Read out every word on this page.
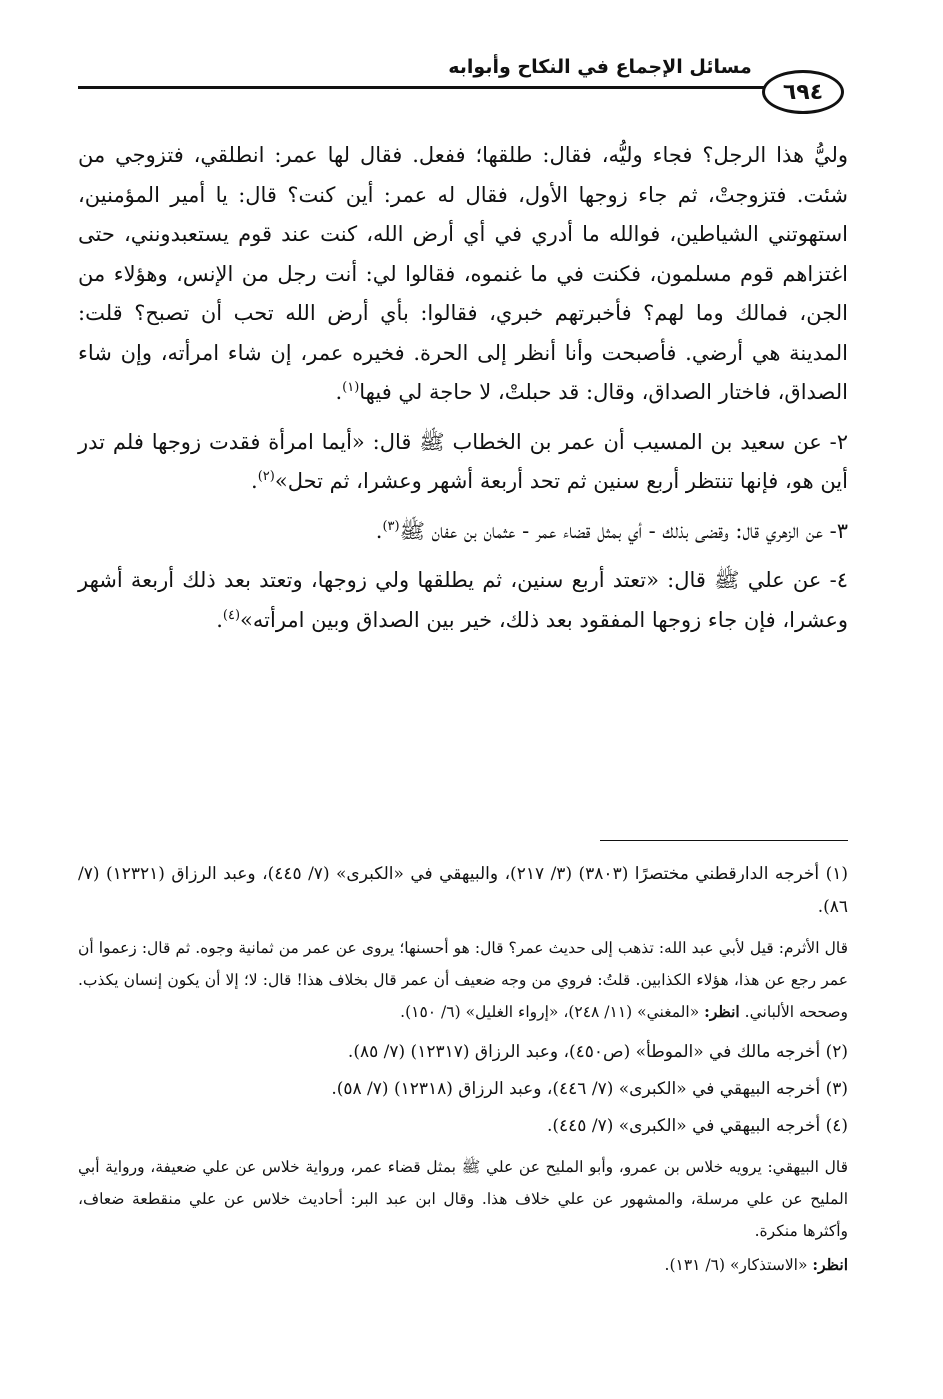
مسائل الإجماع في النكاح وأبوابه
٦٩٤

وليُّ هذا الرجل؟ فجاء وليُّه، فقال: طلقها؛ ففعل. فقال لها عمر: انطلقي، فتزوجي من شئت. فتزوجتْ، ثم جاء زوجها الأول، فقال له عمر: أين كنت؟ قال: يا أمير المؤمنين، استهوتني الشياطين، فوالله ما أدري في أي أرض الله، كنت عند قوم يستعبدونني، حتى اغتزاهم قوم مسلمون، فكنت في ما غنموه، فقالوا لي: أنت رجل من الإنس، وهؤلاء من الجن، فمالك وما لهم؟ فأخبرتهم خبري، فقالوا: بأي أرض الله تحب أن تصبح؟ قلت: المدينة هي أرضي. فأصبحت وأنا أنظر إلى الحرة. فخيره عمر، إن شاء امرأته، وإن شاء الصداق، فاختار الصداق، وقال: قد حبلتْ، لا حاجة لي فيها$^{(١)}$.

٢- عن سعيد بن المسيب أن عمر بن الخطاب ﷺ قال: «أيما امرأة فقدت زوجها فلم تدر أين هو، فإنها تنتظر أربع سنين ثم تحد أربعة أشهر وعشرا، ثم تحل»$^{(٢)}$.

٣- عن الزهري قال: وقضى بذلك - أي بمثل قضاء عمر - عثمان بن عفان ﷺ$^{(٣)}$.

٤- عن علي ﷺ قال: «تعتد أربع سنين، ثم يطلقها ولي زوجها، وتعتد بعد ذلك أربعة أشهر وعشرا، فإن جاء زوجها المفقود بعد ذلك، خير بين الصداق وبين امرأته»$^{(٤)}$.

(١) أخرجه الدارقطني مختصرًا (٣٨٠٣) (٣/ ٢١٧)، والبيهقي في «الكبرى» (٧/ ٤٤٥)، وعبد الرزاق (١٢٣٢١) (٧/ ٨٦).

قال الأثرم: قيل لأبي عبد الله: تذهب إلى حديث عمر؟ قال: هو أحسنها؛ يروى عن عمر من ثمانية وجوه. ثم قال: زعموا أن عمر رجع عن هذا، هؤلاء الكذابين. قلتُ: فروي من وجه ضعيف أن عمر قال بخلاف هذا! قال: لا؛ إلا أن يكون إنسان يكذب. وصححه الألباني. انظر: «المغني» (١١/ ٢٤٨)، «إرواء الغليل» (٦/ ١٥٠).

(٢) أخرجه مالك في «الموطأ» (ص٤٥٠)، وعبد الرزاق (١٢٣١٧) (٧/ ٨٥).

(٣) أخرجه البيهقي في «الكبرى» (٧/ ٤٤٦)، وعبد الرزاق (١٢٣١٨) (٧/ ٥٨).

(٤) أخرجه البيهقي في «الكبرى» (٧/ ٤٤٥).

قال البيهقي: يرويه خلاس بن عمرو، وأبو المليح عن علي ﷺ بمثل قضاء عمر، ورواية خلاس عن علي ضعيفة، ورواية أبي المليح عن علي مرسلة، والمشهور عن علي خلاف هذا. وقال ابن عبد البر: أحاديث خلاس عن علي منقطعة ضعاف، وأكثرها منكرة.

انظر: «الاستذكار» (٦/ ١٣١).
